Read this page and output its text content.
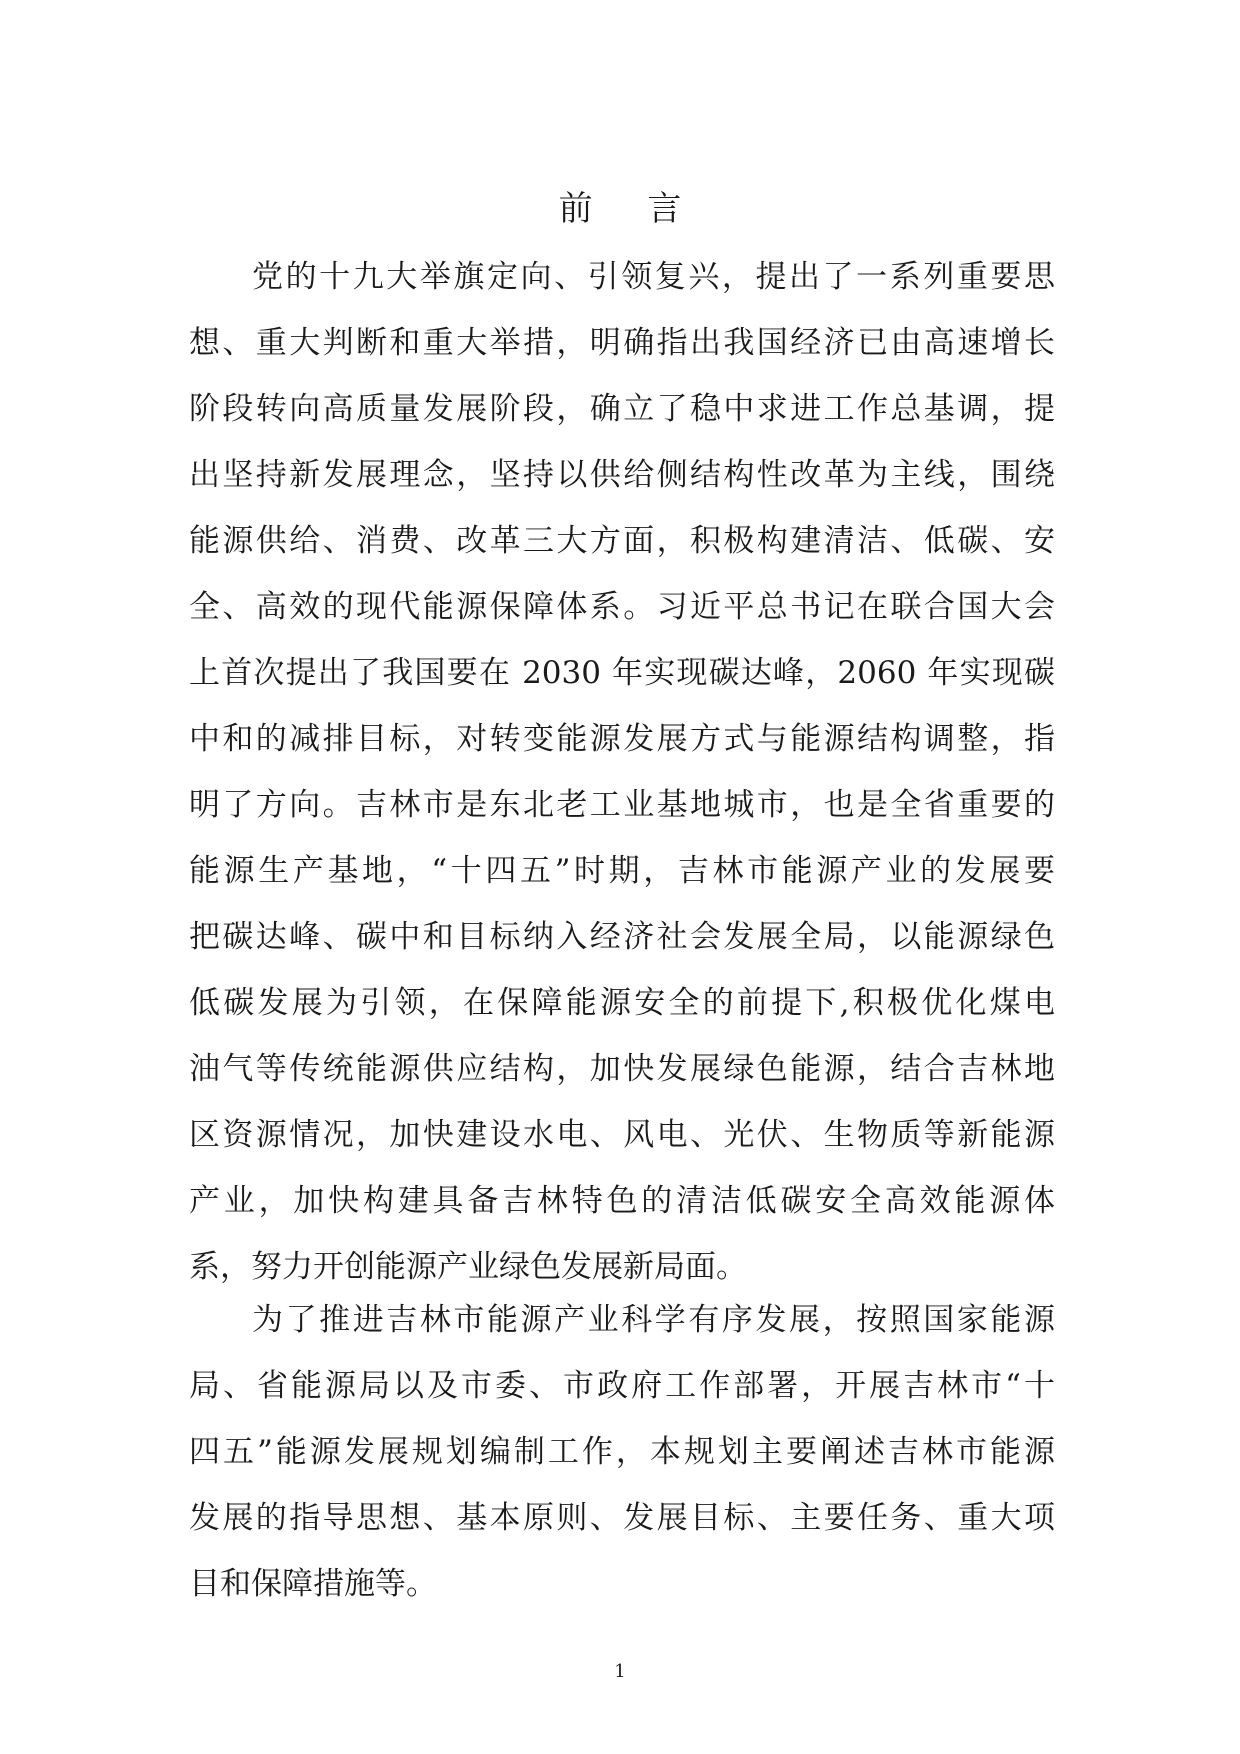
前 言
党的十九大举旗定向、引领复兴，提出了一系列重要思
想、重大判断和重大举措，明确指出我国经济已由高速增长
阶段转向高质量发展阶段，确立了稳中求进工作总基调，提
出坚持新发展理念，坚持以供给侧结构性改革为主线，围绕
能源供给、消费、改革三大方面，积极构建清洁、低碳、安
全、高效的现代能源保障体系。习近平总书记在联合国大会
上首次提出了我国要在 2030 年实现碳达峰，2060 年实现碳
中和的减排目标，对转变能源发展方式与能源结构调整，指
明了方向。吉林市是东北老工业基地城市，也是全省重要的
能源生产基地，“十四五”时期，吉林市能源产业的发展要
把碳达峰、碳中和目标纳入经济社会发展全局，以能源绿色
低碳发展为引领，在保障能源安全的前提下,积极优化煤电
油气等传统能源供应结构，加快发展绿色能源，结合吉林地
区资源情况，加快建设水电、风电、光伏、生物质等新能源
产业，加快构建具备吉林特色的清洁低碳安全高效能源体
系，努力开创能源产业绿色发展新局面。
为了推进吉林市能源产业科学有序发展，按照国家能源
局、省能源局以及市委、市政府工作部署，开展吉林市“十
四五”能源发展规划编制工作，本规划主要阐述吉林市能源
发展的指导思想、基本原则、发展目标、主要任务、重大项
目和保障措施等。
1
